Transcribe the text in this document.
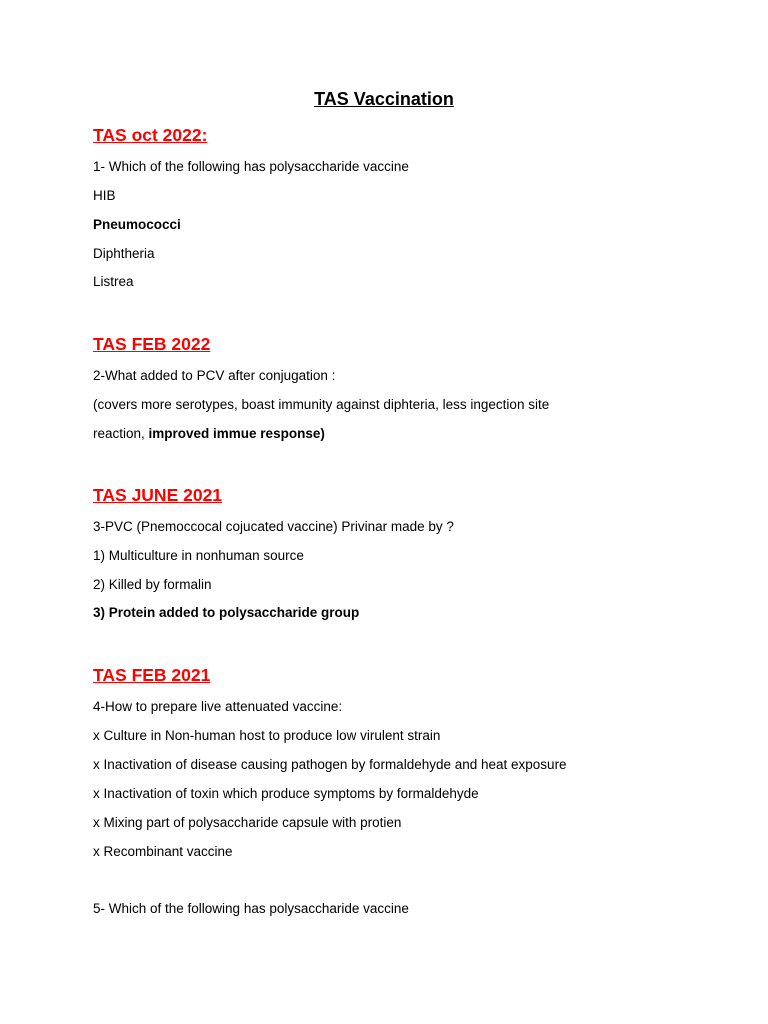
TAS Vaccination
TAS oct 2022:
1- Which of the following has polysaccharide vaccine
HIB
Pneumococci
Diphtheria
Listrea
TAS FEB 2022
2-What added to PCV after conjugation :
(covers more serotypes, boast immunity against diphteria, less ingection site
reaction, improved immue response)
TAS JUNE 2021
3-PVC (Pnemoccocal cojucated vaccine) Privinar made by ?
1) Multiculture in nonhuman source
2) Killed by formalin
3) Protein added to polysaccharide group
TAS FEB 2021
4-How to prepare live attenuated vaccine:
x Culture in Non-human host to produce low virulent strain
x Inactivation of disease causing pathogen by formaldehyde and heat exposure
x Inactivation of toxin which produce symptoms by formaldehyde
x Mixing part of polysaccharide capsule with protien
x Recombinant vaccine
5- Which of the following has polysaccharide vaccine
